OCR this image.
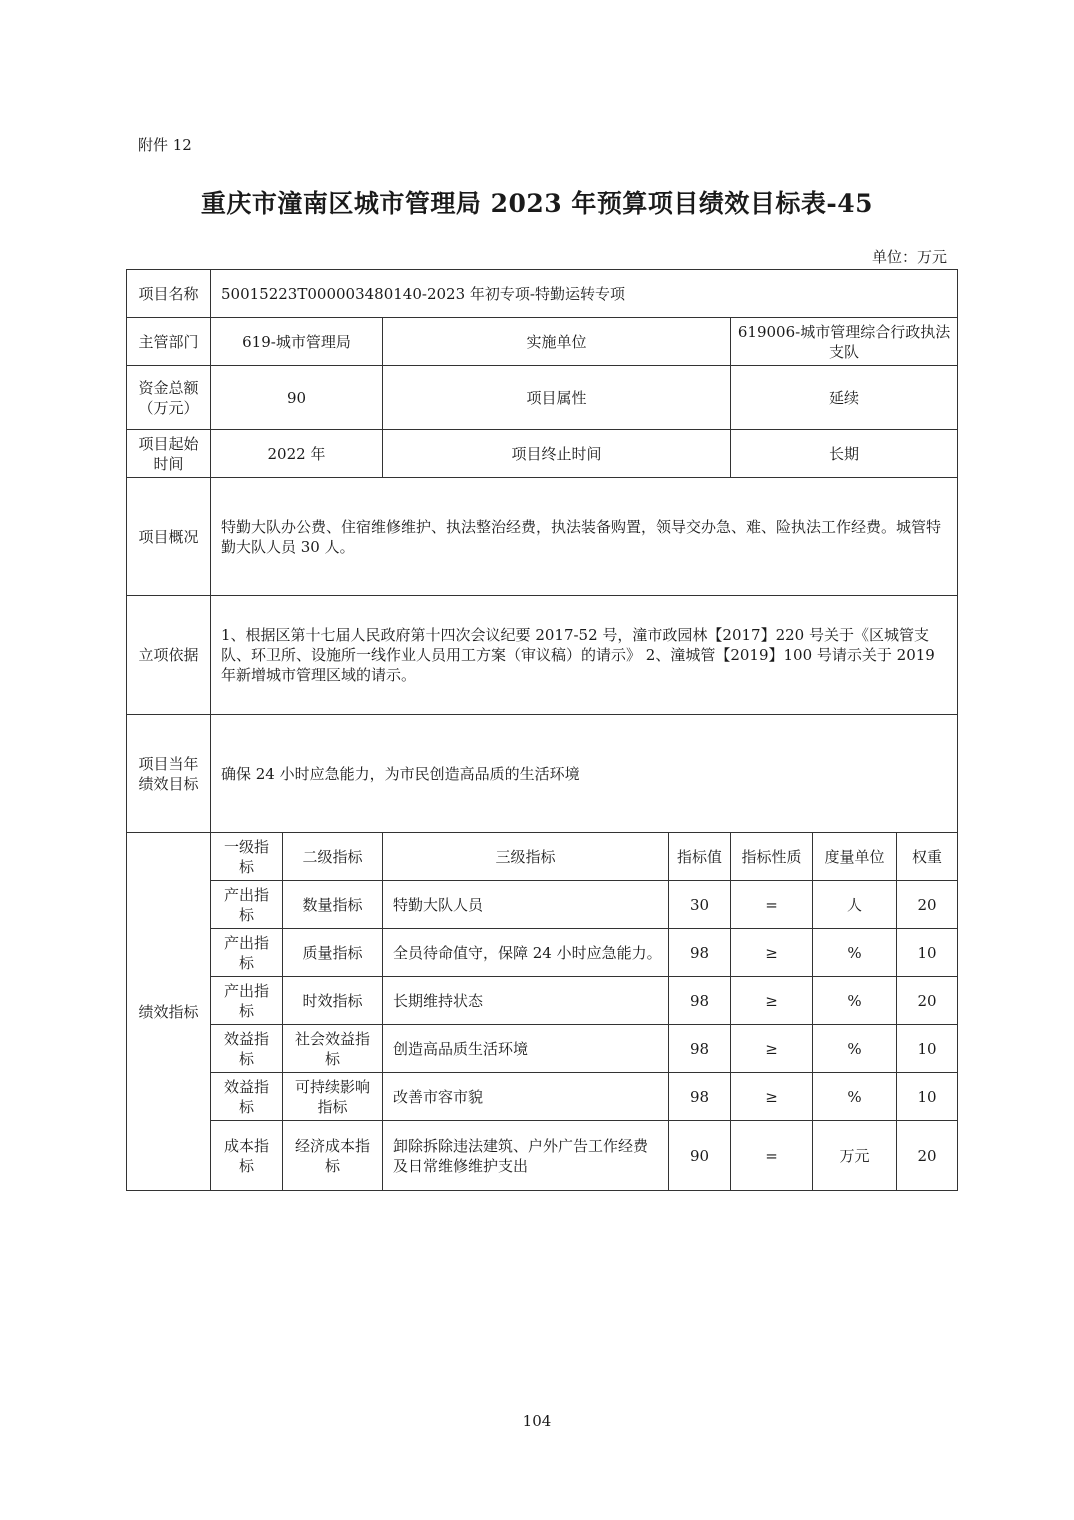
附件 12
重庆市潼南区城市管理局 2023 年预算项目绩效目标表-45
单位：万元
项目名称	50015223T000003480140-2023 年初专项-特勤运转专项						
主管部门	619-城市管理局		实施单位		619006-城市管理综合行政执法支队		
资金总额（万元）	90		项目属性		延续		
项目起始时间	2022 年		项目终止时间		长期		
项目概况	特勤大队办公费、住宿维修维护、执法整治经费，执法装备购置，领导交办急、难、险执法工作经费。城管特勤大队人员 30 人。						
立项依据	1、根据区第十七届人民政府第十四次会议纪要 2017-52 号，潼市政园林【2017】220 号关于《区城管支队、环卫所、设施所一线作业人员用工方案（审议稿）的请示》 2、潼城管【2019】100 号请示关于 2019 年新增城市管理区域的请示。						
项目当年绩效目标	确保 24 小时应急能力，为市民创造高品质的生活环境						
绩效指标	一级指标	二级指标	三级指标	指标值	指标性质	度量单位	权重
	产出指标	数量指标	特勤大队人员	30	=	人	20
	产出指标	质量指标	全员待命值守，保障 24 小时应急能力。	98	≥	%	10
	产出指标	时效指标	长期维持状态	98	≥	%	20
	效益指标	社会效益指标	创造高品质生活环境	98	≥	%	10
	效益指标	可持续影响指标	改善市容市貌	98	≥	%	10
	成本指标	经济成本指标	卸除拆除违法建筑、户外广告工作经费及日常维修维护支出	90	=	万元	20
104
